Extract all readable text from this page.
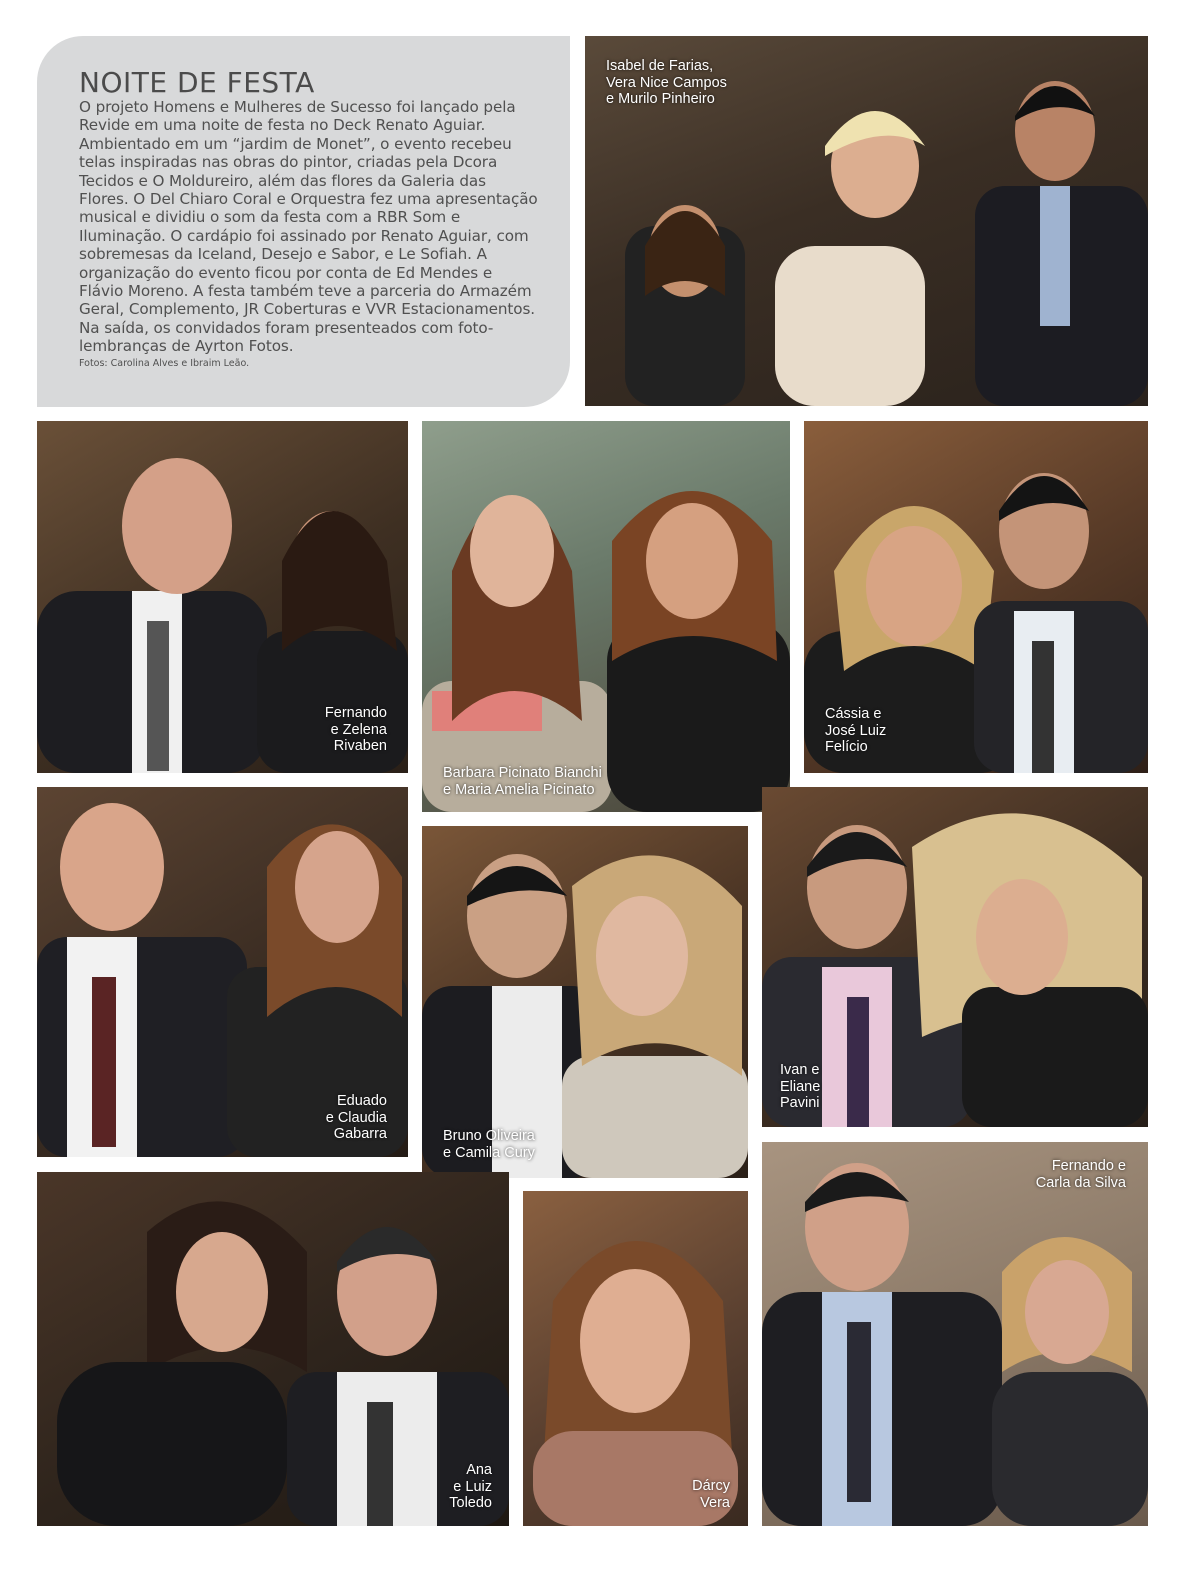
NOITE DE FESTA

O projeto Homens e Mulheres de Sucesso foi lançado pela Revide em uma noite de festa no Deck Renato Aguiar. Ambientado em um “jardim de Monet”, o evento recebeu telas inspiradas nas obras do pintor, criadas pela Dcora Tecidos e O Moldureiro, além das flores da Galeria das Flores. O Del Chiaro Coral e Orquestra fez uma apresentação musical e dividiu o som da festa com a RBR Som e Iluminação. O cardápio foi assinado por Renato Aguiar, com sobremesas da Iceland, Desejo e Sabor, e Le Sofiah. A organização do evento ficou por conta de Ed Mendes e Flávio Moreno. A festa também teve a parceria do Armazém Geral, Complemento, JR Coberturas e VVR Estacionamentos. Na saída, os convidados foram presenteados com foto-lembranças de Ayrton Fotos.

Fotos: Carolina Alves e Ibraim Leão.

Isabel de Farias,
Vera Nice Campos
e Murilo Pinheiro
Fernando
e Zelena
Rivaben
Barbara Picinato Bianchi
e Maria Amelia Picinato
Cássia e
José Luiz
Felício
Eduado
e Claudia
Gabarra	Bruno Oliveira
e Camila Cury
Ivan e
Eliane
Pavini
Ana
e Luiz
Toledo
Dárcy
Vera
Fernando e
Carla da Silva
